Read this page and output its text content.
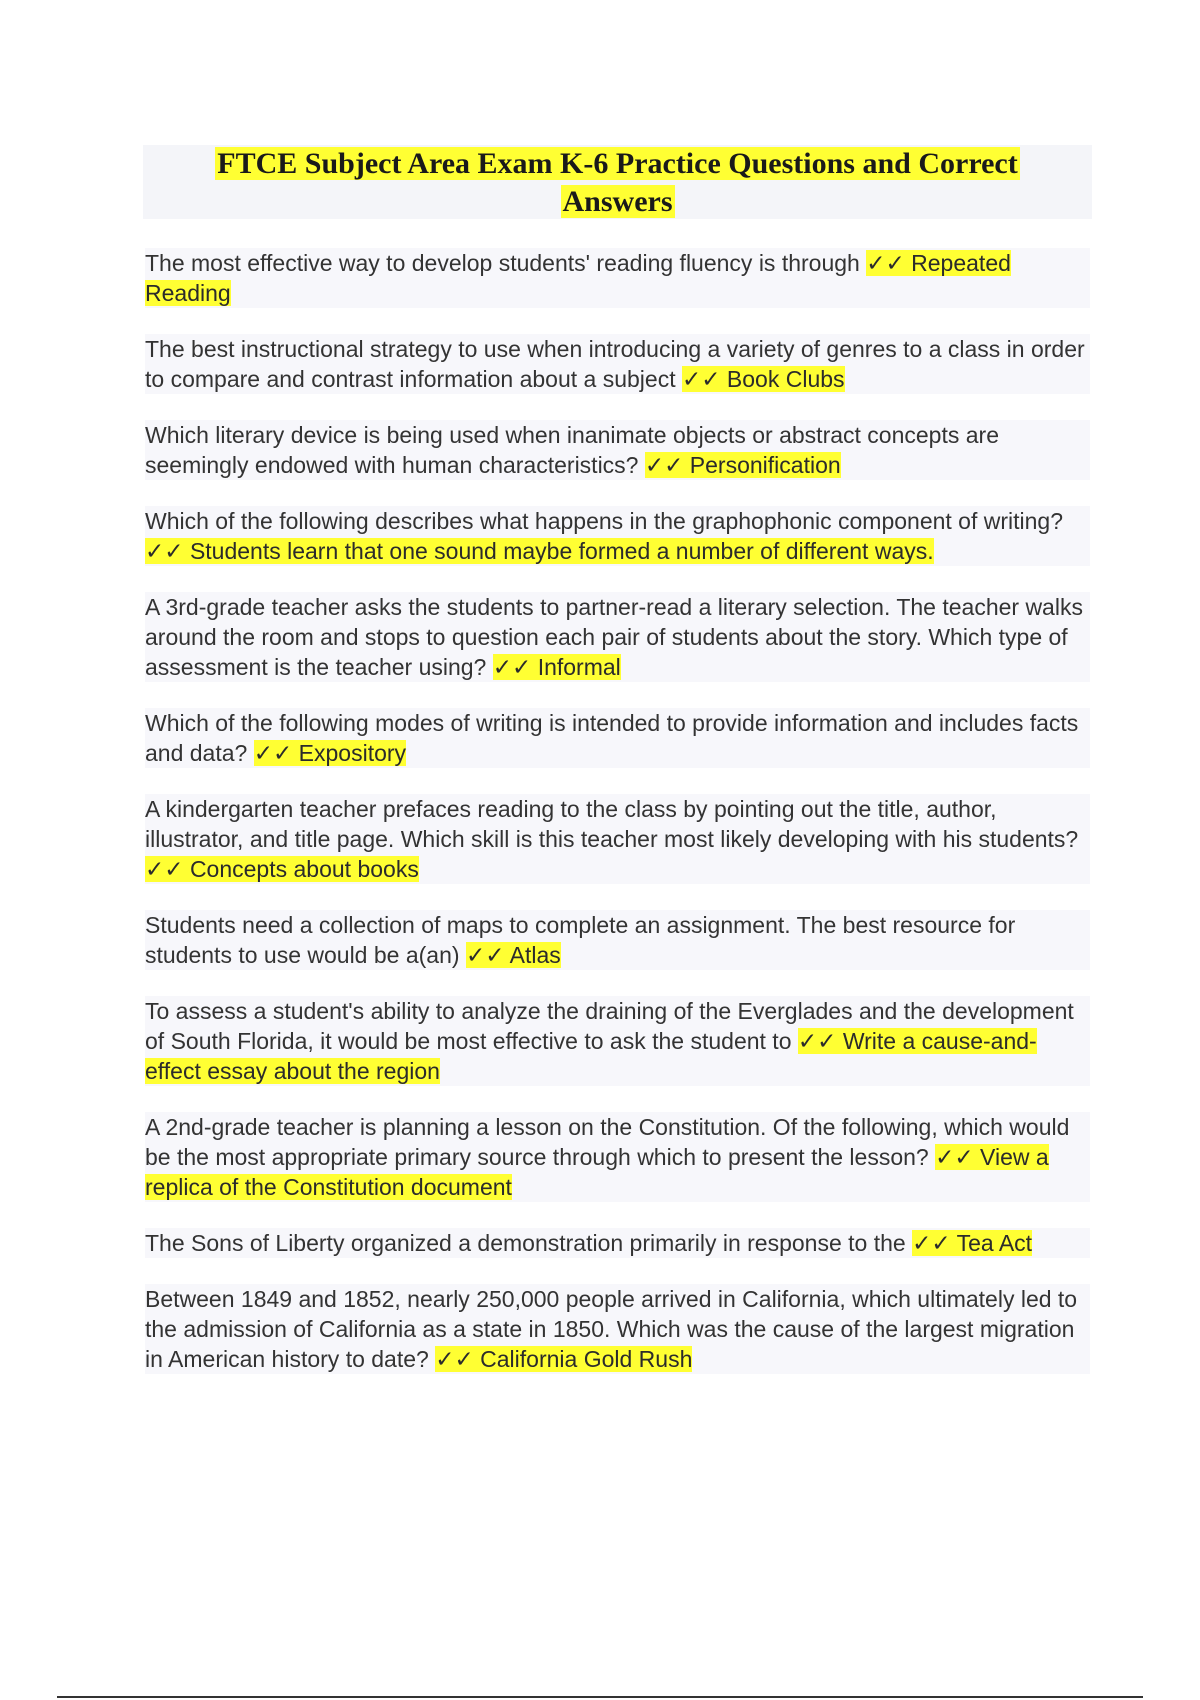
FTCE Subject Area Exam K-6 Practice Questions and Correct
Answers

The most effective way to develop students' reading fluency is through ✓✓ Repeated Reading

The best instructional strategy to use when introducing a variety of genres to a class in order to compare and contrast information about a subject ✓✓ Book Clubs

Which literary device is being used when inanimate objects or abstract concepts are seemingly endowed with human characteristics? ✓✓ Personification

Which of the following describes what happens in the graphophonic component of writing? ✓✓ Students learn that one sound maybe formed a number of different ways.

A 3rd-grade teacher asks the students to partner-read a literary selection. The teacher walks around the room and stops to question each pair of students about the story. Which type of assessment is the teacher using? ✓✓ Informal

Which of the following modes of writing is intended to provide information and includes facts and data? ✓✓ Expository

A kindergarten teacher prefaces reading to the class by pointing out the title, author, illustrator, and title page. Which skill is this teacher most likely developing with his students? ✓✓ Concepts about books

Students need a collection of maps to complete an assignment. The best resource for students to use would be a(an) ✓✓ Atlas

To assess a student's ability to analyze the draining of the Everglades and the development of South Florida, it would be most effective to ask the student to ✓✓ Write a cause-and-effect essay about the region

A 2nd-grade teacher is planning a lesson on the Constitution. Of the following, which would be the most appropriate primary source through which to present the lesson? ✓✓ View a replica of the Constitution document

The Sons of Liberty organized a demonstration primarily in response to the ✓✓ Tea Act

Between 1849 and 1852, nearly 250,000 people arrived in California, which ultimately led to the admission of California as a state in 1850. Which was the cause of the largest migration in American history to date? ✓✓ California Gold Rush
